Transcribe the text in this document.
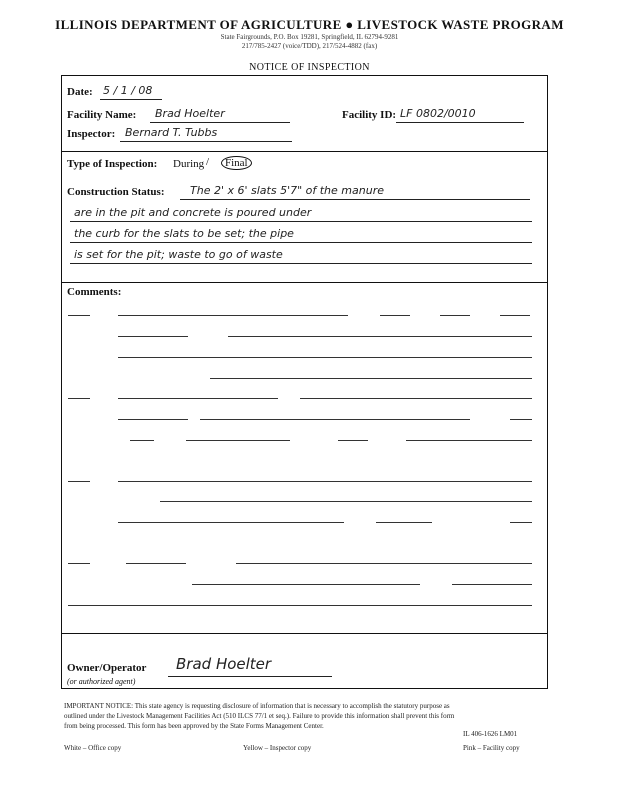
ILLINOIS DEPARTMENT OF AGRICULTURE ● LIVESTOCK WASTE PROGRAM
State Fairgrounds, P.O. Box 19281, Springfield, IL 62794-9281
217/785-2427 (voice/TDD), 217/524-4882 (fax)
NOTICE OF INSPECTION
Date: 5 / 1 / 08
Facility Name: Brad Hoelter	Facility ID: LF 0802/0010
Inspector: Bernard T. Tubbs
Type of Inspection: During /	Final
Construction Status: The 2' x 6' slats 5'7" of the manure
are in the pit and concrete is poured under
the curb for the slats to be set; the pipe
is set for the pit; waste to go of waste
Comments:
Owner/Operator
(or authorized agent)
Brad Hoelter
IMPORTANT NOTICE: This state agency is requesting disclosure of information that is necessary to accomplish the statutory purpose as
outlined under the Livestock Management Facilities Act (510 ILCS 77/1 et seq.). Failure to provide this information shall prevent this form
from being processed. This form has been approved by the State Forms Management Center.
IL 406-1626 LM01
White – Office copy	Yellow – Inspector copy	Pink – Facility copy
